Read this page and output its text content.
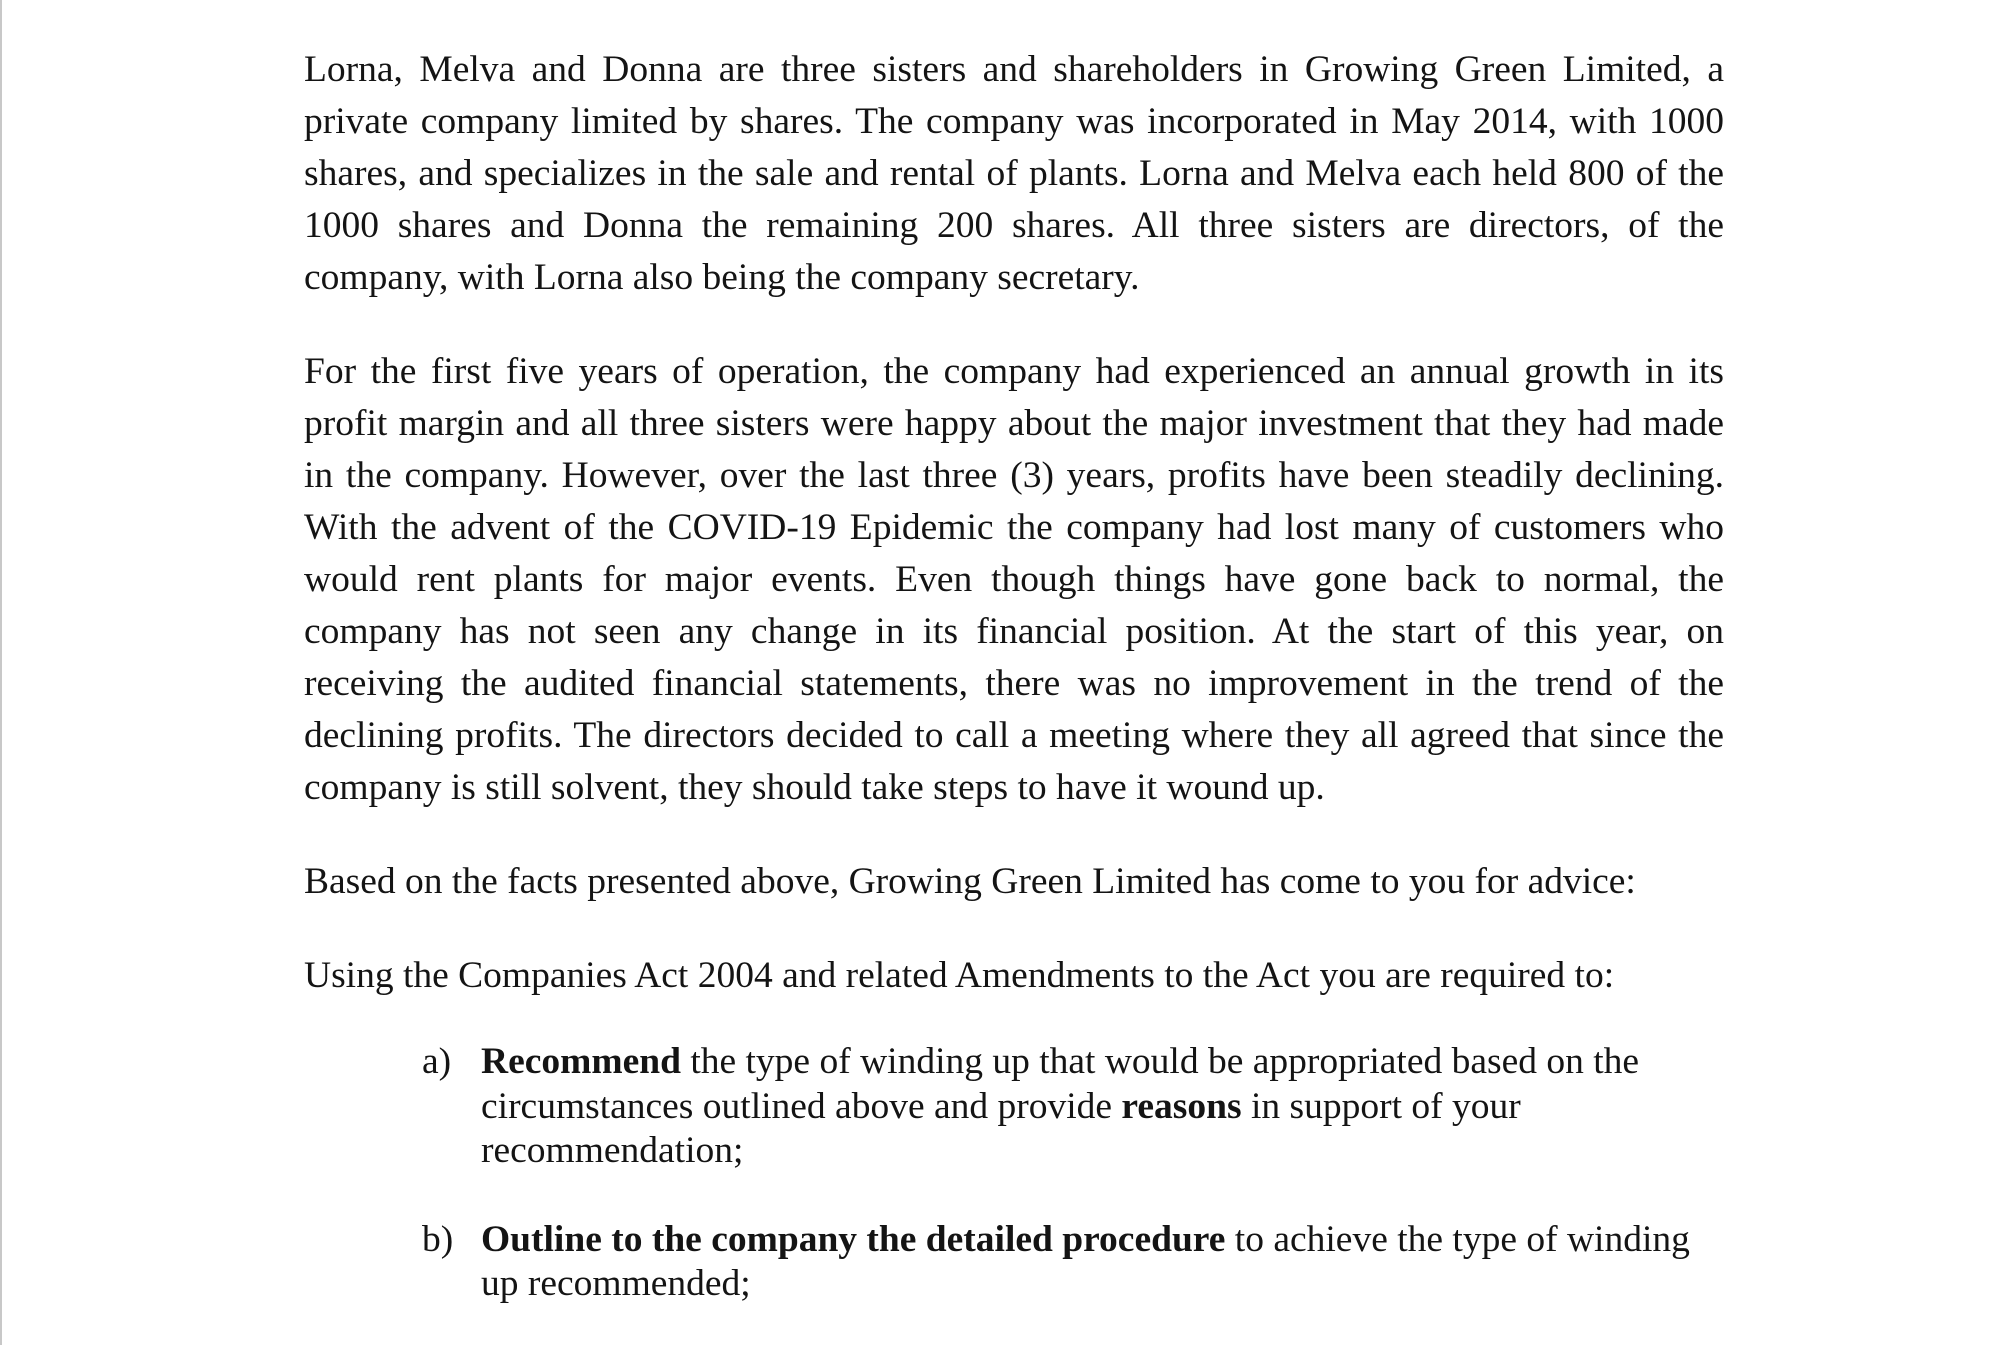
Lorna, Melva and Donna are three sisters and shareholders in Growing Green Limited, a private company limited by shares. The company was incorporated in May 2014, with 1000 shares, and specializes in the sale and rental of plants. Lorna and Melva each held 800 of the 1000 shares and Donna the remaining 200 shares. All three sisters are directors, of the company, with Lorna also being the company secretary.

For the first five years of operation, the company had experienced an annual growth in its profit margin and all three sisters were happy about the major investment that they had made in the company. However, over the last three (3) years, profits have been steadily declining. With the advent of the COVID-19 Epidemic the company had lost many of customers who would rent plants for major events. Even though things have gone back to normal, the company has not seen any change in its financial position. At the start of this year, on receiving the audited financial statements, there was no improvement in the trend of the declining profits. The directors decided to call a meeting where they all agreed that since the company is still solvent, they should take steps to have it wound up.

Based on the facts presented above, Growing Green Limited has come to you for advice:

Using the Companies Act 2004 and related Amendments to the Act you are required to:

a) Recommend the type of winding up that would be appropriated based on the circumstances outlined above and provide reasons in support of your recommendation;
b) Outline to the company the detailed procedure to achieve the type of winding up recommended;
